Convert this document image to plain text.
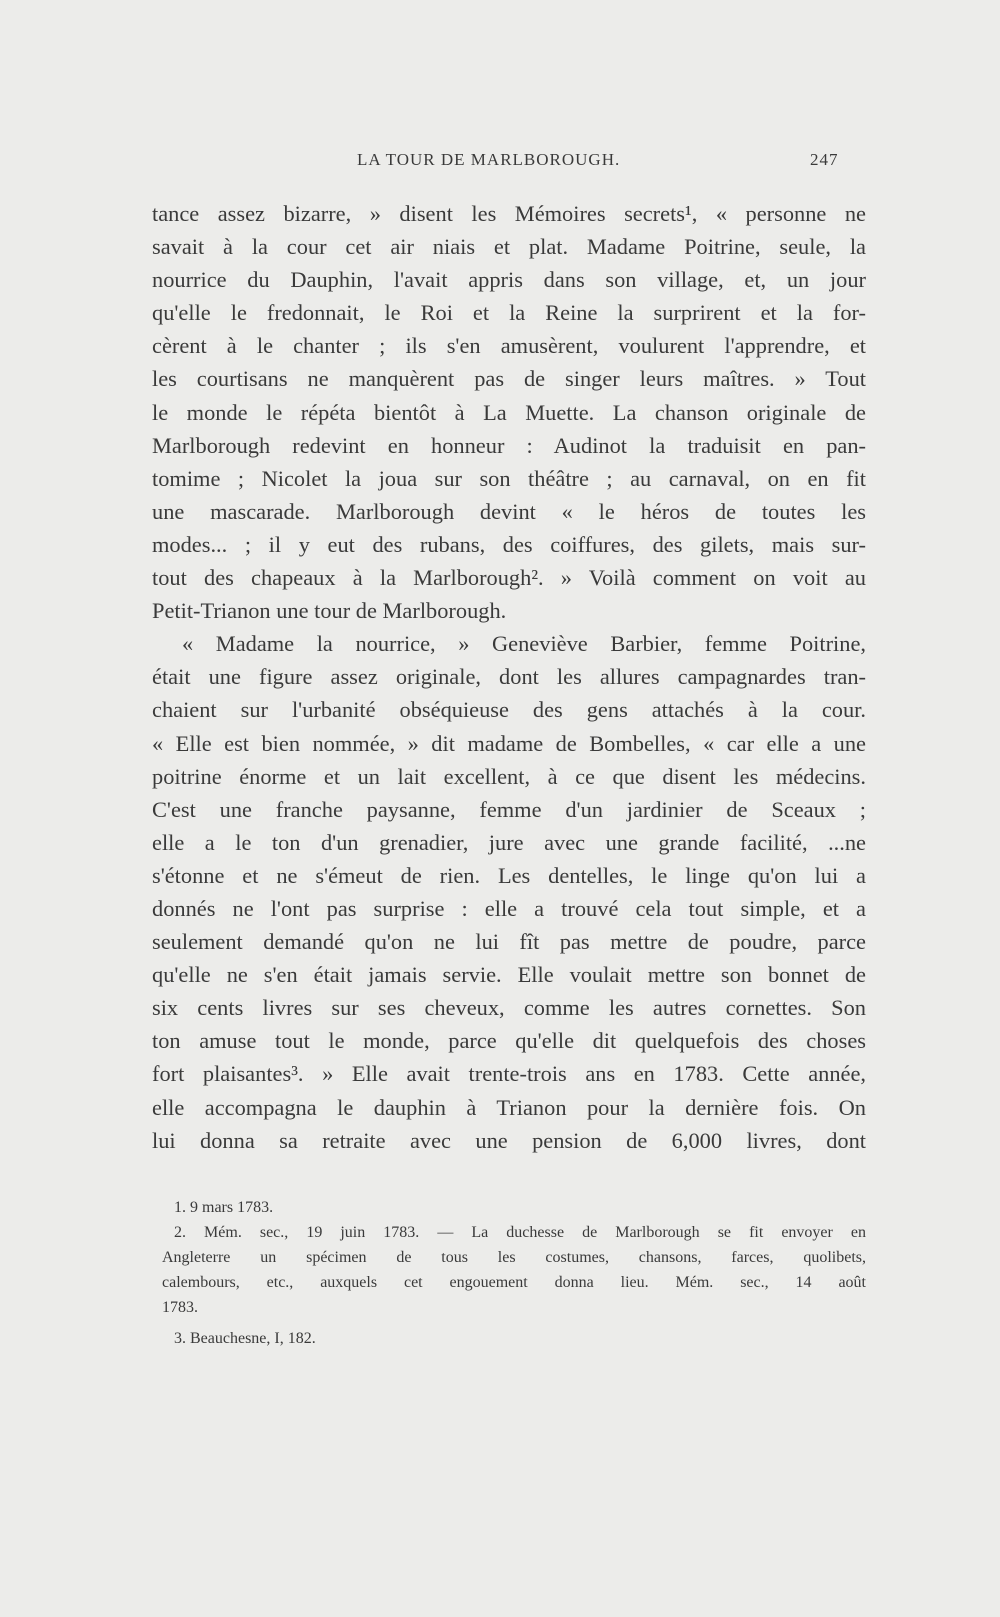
LA TOUR DE MARLBOROUGH.	247
tance assez bizarre, » disent les Mémoires secrets¹, « personne ne
savait à la cour cet air niais et plat. Madame Poitrine, seule, la
nourrice du Dauphin, l'avait appris dans son village, et, un jour
qu'elle le fredonnait, le Roi et la Reine la surprirent et la for-
cèrent à le chanter ; ils s'en amusèrent, voulurent l'apprendre, et
les courtisans ne manquèrent pas de singer leurs maîtres. » Tout
le monde le répéta bientôt à La Muette. La chanson originale de
Marlborough redevint en honneur : Audinot la traduisit en pan-
tomime ; Nicolet la joua sur son théâtre ; au carnaval, on en fit
une mascarade. Marlborough devint « le héros de toutes les
modes... ; il y eut des rubans, des coiffures, des gilets, mais sur-
tout des chapeaux à la Marlborough². » Voilà comment on voit au
Petit-Trianon une tour de Marlborough.
« Madame la nourrice, » Geneviève Barbier, femme Poitrine,
était une figure assez originale, dont les allures campagnardes tran-
chaient sur l'urbanité obséquieuse des gens attachés à la cour.
« Elle est bien nommée, » dit madame de Bombelles, « car elle a une
poitrine énorme et un lait excellent, à ce que disent les médecins.
C'est une franche paysanne, femme d'un jardinier de Sceaux ;
elle a le ton d'un grenadier, jure avec une grande facilité, ...ne
s'étonne et ne s'émeut de rien. Les dentelles, le linge qu'on lui a
donnés ne l'ont pas surprise : elle a trouvé cela tout simple, et a
seulement demandé qu'on ne lui fît pas mettre de poudre, parce
qu'elle ne s'en était jamais servie. Elle voulait mettre son bonnet de
six cents livres sur ses cheveux, comme les autres cornettes. Son
ton amuse tout le monde, parce qu'elle dit quelquefois des choses
fort plaisantes³. » Elle avait trente-trois ans en 1783. Cette année,
elle accompagna le dauphin à Trianon pour la dernière fois. On
lui donna sa retraite avec une pension de 6,000 livres, dont
1. 9 mars 1783.
2. Mém. sec., 19 juin 1783. — La duchesse de Marlborough se fit envoyer en
Angleterre un spécimen de tous les costumes, chansons, farces, quolibets,
calembours, etc., auxquels cet engouement donna lieu. Mém. sec., 14 août
1783.
3. Beauchesne, I, 182.
